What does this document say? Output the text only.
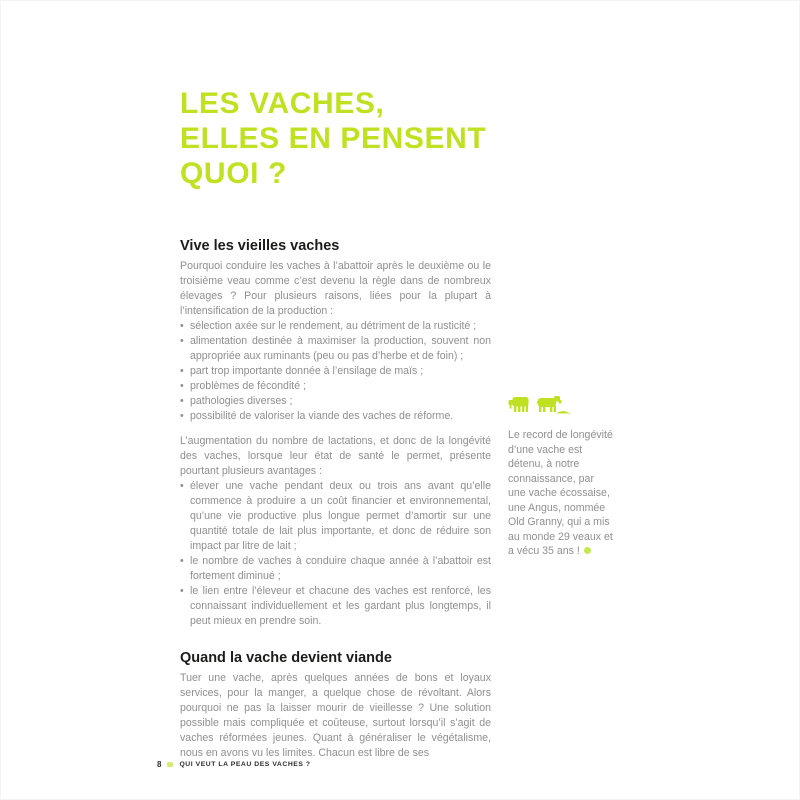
LES VACHES,
ELLES EN PENSENT
QUOI ?
Vive les vieilles vaches

Pourquoi conduire les vaches à l’abattoir après le deuxième ou le troisième veau comme c’est devenu la règle dans de nombreux élevages ? Pour plusieurs raisons, liées pour la plupart à l’intensification de la production :

• sélection axée sur le rendement, au détriment de la rusticité ;
• alimentation destinée à maximiser la production, souvent non appropriée aux ruminants (peu ou pas d’herbe et de foin) ;
• part trop importante donnée à l’ensilage de maïs ;
• problèmes de fécondité ;
• pathologies diverses ;
• possibilité de valoriser la viande des vaches de réforme.

L’augmentation du nombre de lactations, et donc de la longévité des vaches, lorsque leur état de santé le permet, présente pourtant plusieurs avantages :

• élever une vache pendant deux ou trois ans avant qu’elle commence à produire a un coût financier et environnemental, qu’une vie productive plus longue permet d’amortir sur une quantité totale de lait plus importante, et donc de réduire son impact par litre de lait ;
• le nombre de vaches à conduire chaque année à l’abattoir est fortement diminué ;
• le lien entre l’éleveur et chacune des vaches est renforcé, les connaissant individuellement et les gardant plus longtemps, il peut mieux en prendre soin.
Quand la vache devient viande

Tuer une vache, après quelques années de bons et loyaux services, pour la manger, a quelque chose de révoltant. Alors pourquoi ne pas la laisser mourir de vieillesse ? Une solution possible mais compliquée et coûteuse, surtout lorsqu’il s’agit de vaches réformées jeunes. Quant à généraliser le végétalisme, nous en avons vu les limites. Chacun est libre de ses

Le record de longévité d’une vache est détenu, à notre connaissance, par une vache écossaise, une Angus, nommée Old Granny, qui a mis au monde 29 veaux et a vécu 35 ans !
8	QUI VEUT LA PEAU DES VACHES ?
